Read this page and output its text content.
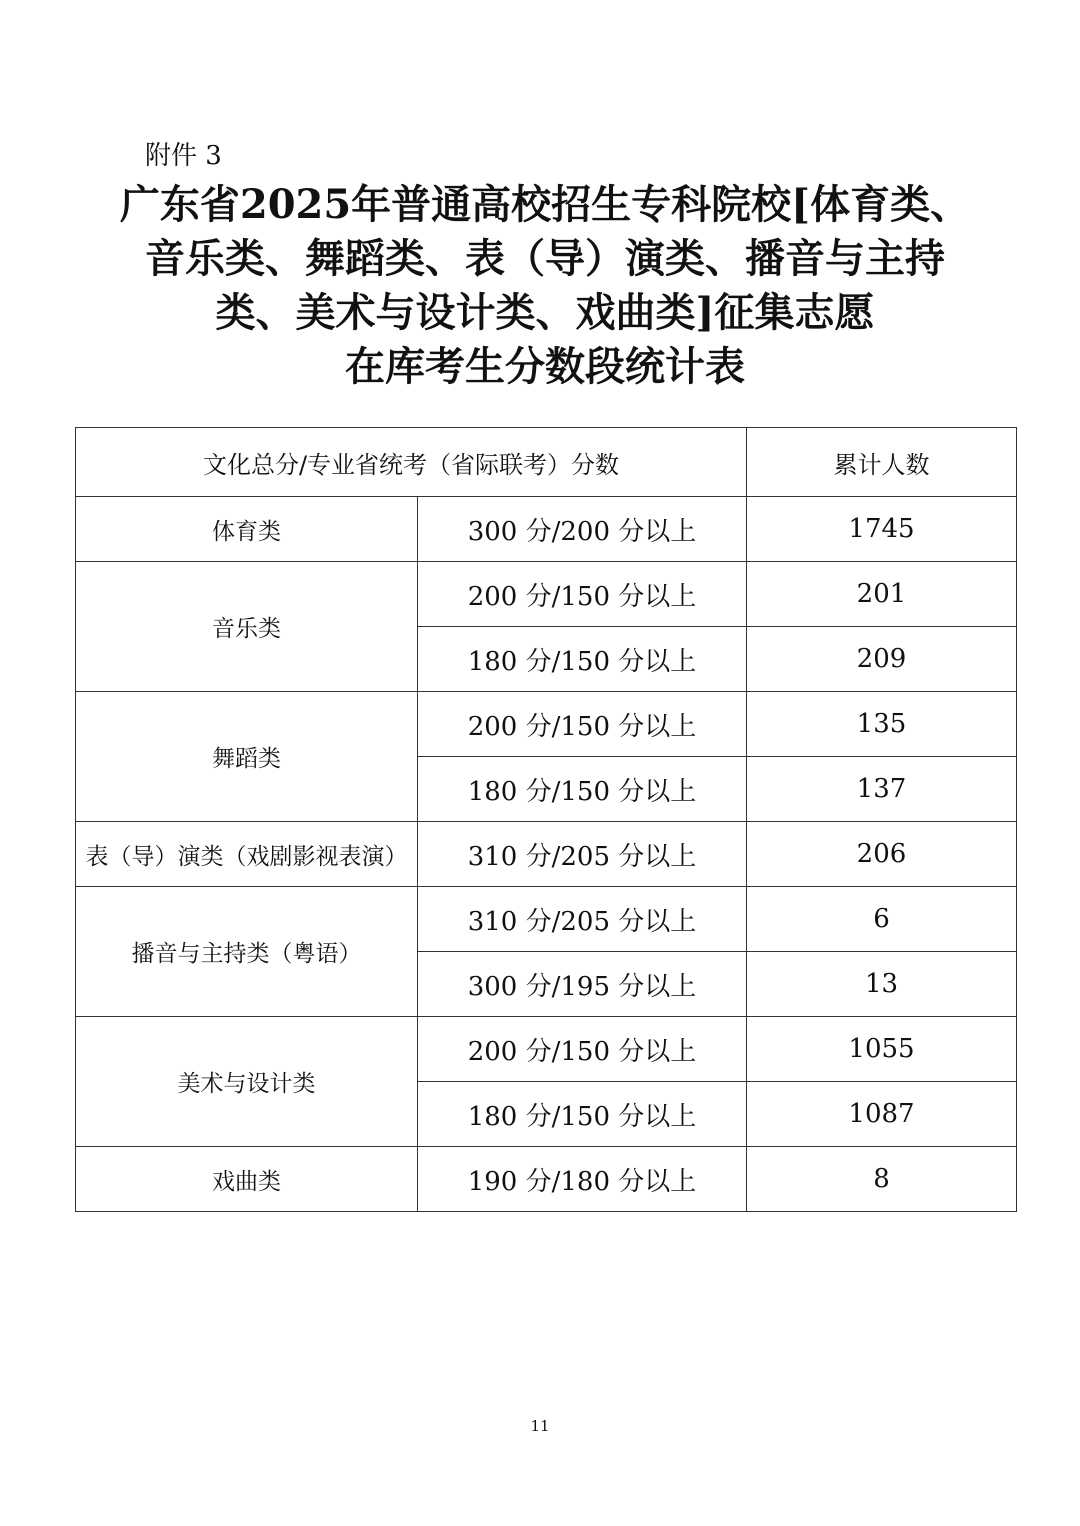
附件 3
广东省2025年普通高校招生专科院校[体育类、
音乐类、舞蹈类、表（导）演类、播音与主持
类、美术与设计类、戏曲类]征集志愿
在库考生分数段统计表
文化总分/专业省统考（省际联考）分数		累计人数
体育类	300 分/200 分以上	1745
音乐类	200 分/150 分以上	201
	180 分/150 分以上	209
舞蹈类	200 分/150 分以上	135
	180 分/150 分以上	137
表（导）演类（戏剧影视表演）	310 分/205 分以上	206
播音与主持类（粤语）	310 分/205 分以上	6
	300 分/195 分以上	13
美术与设计类	200 分/150 分以上	1055
	180 分/150 分以上	1087
戏曲类	190 分/180 分以上	8
11
